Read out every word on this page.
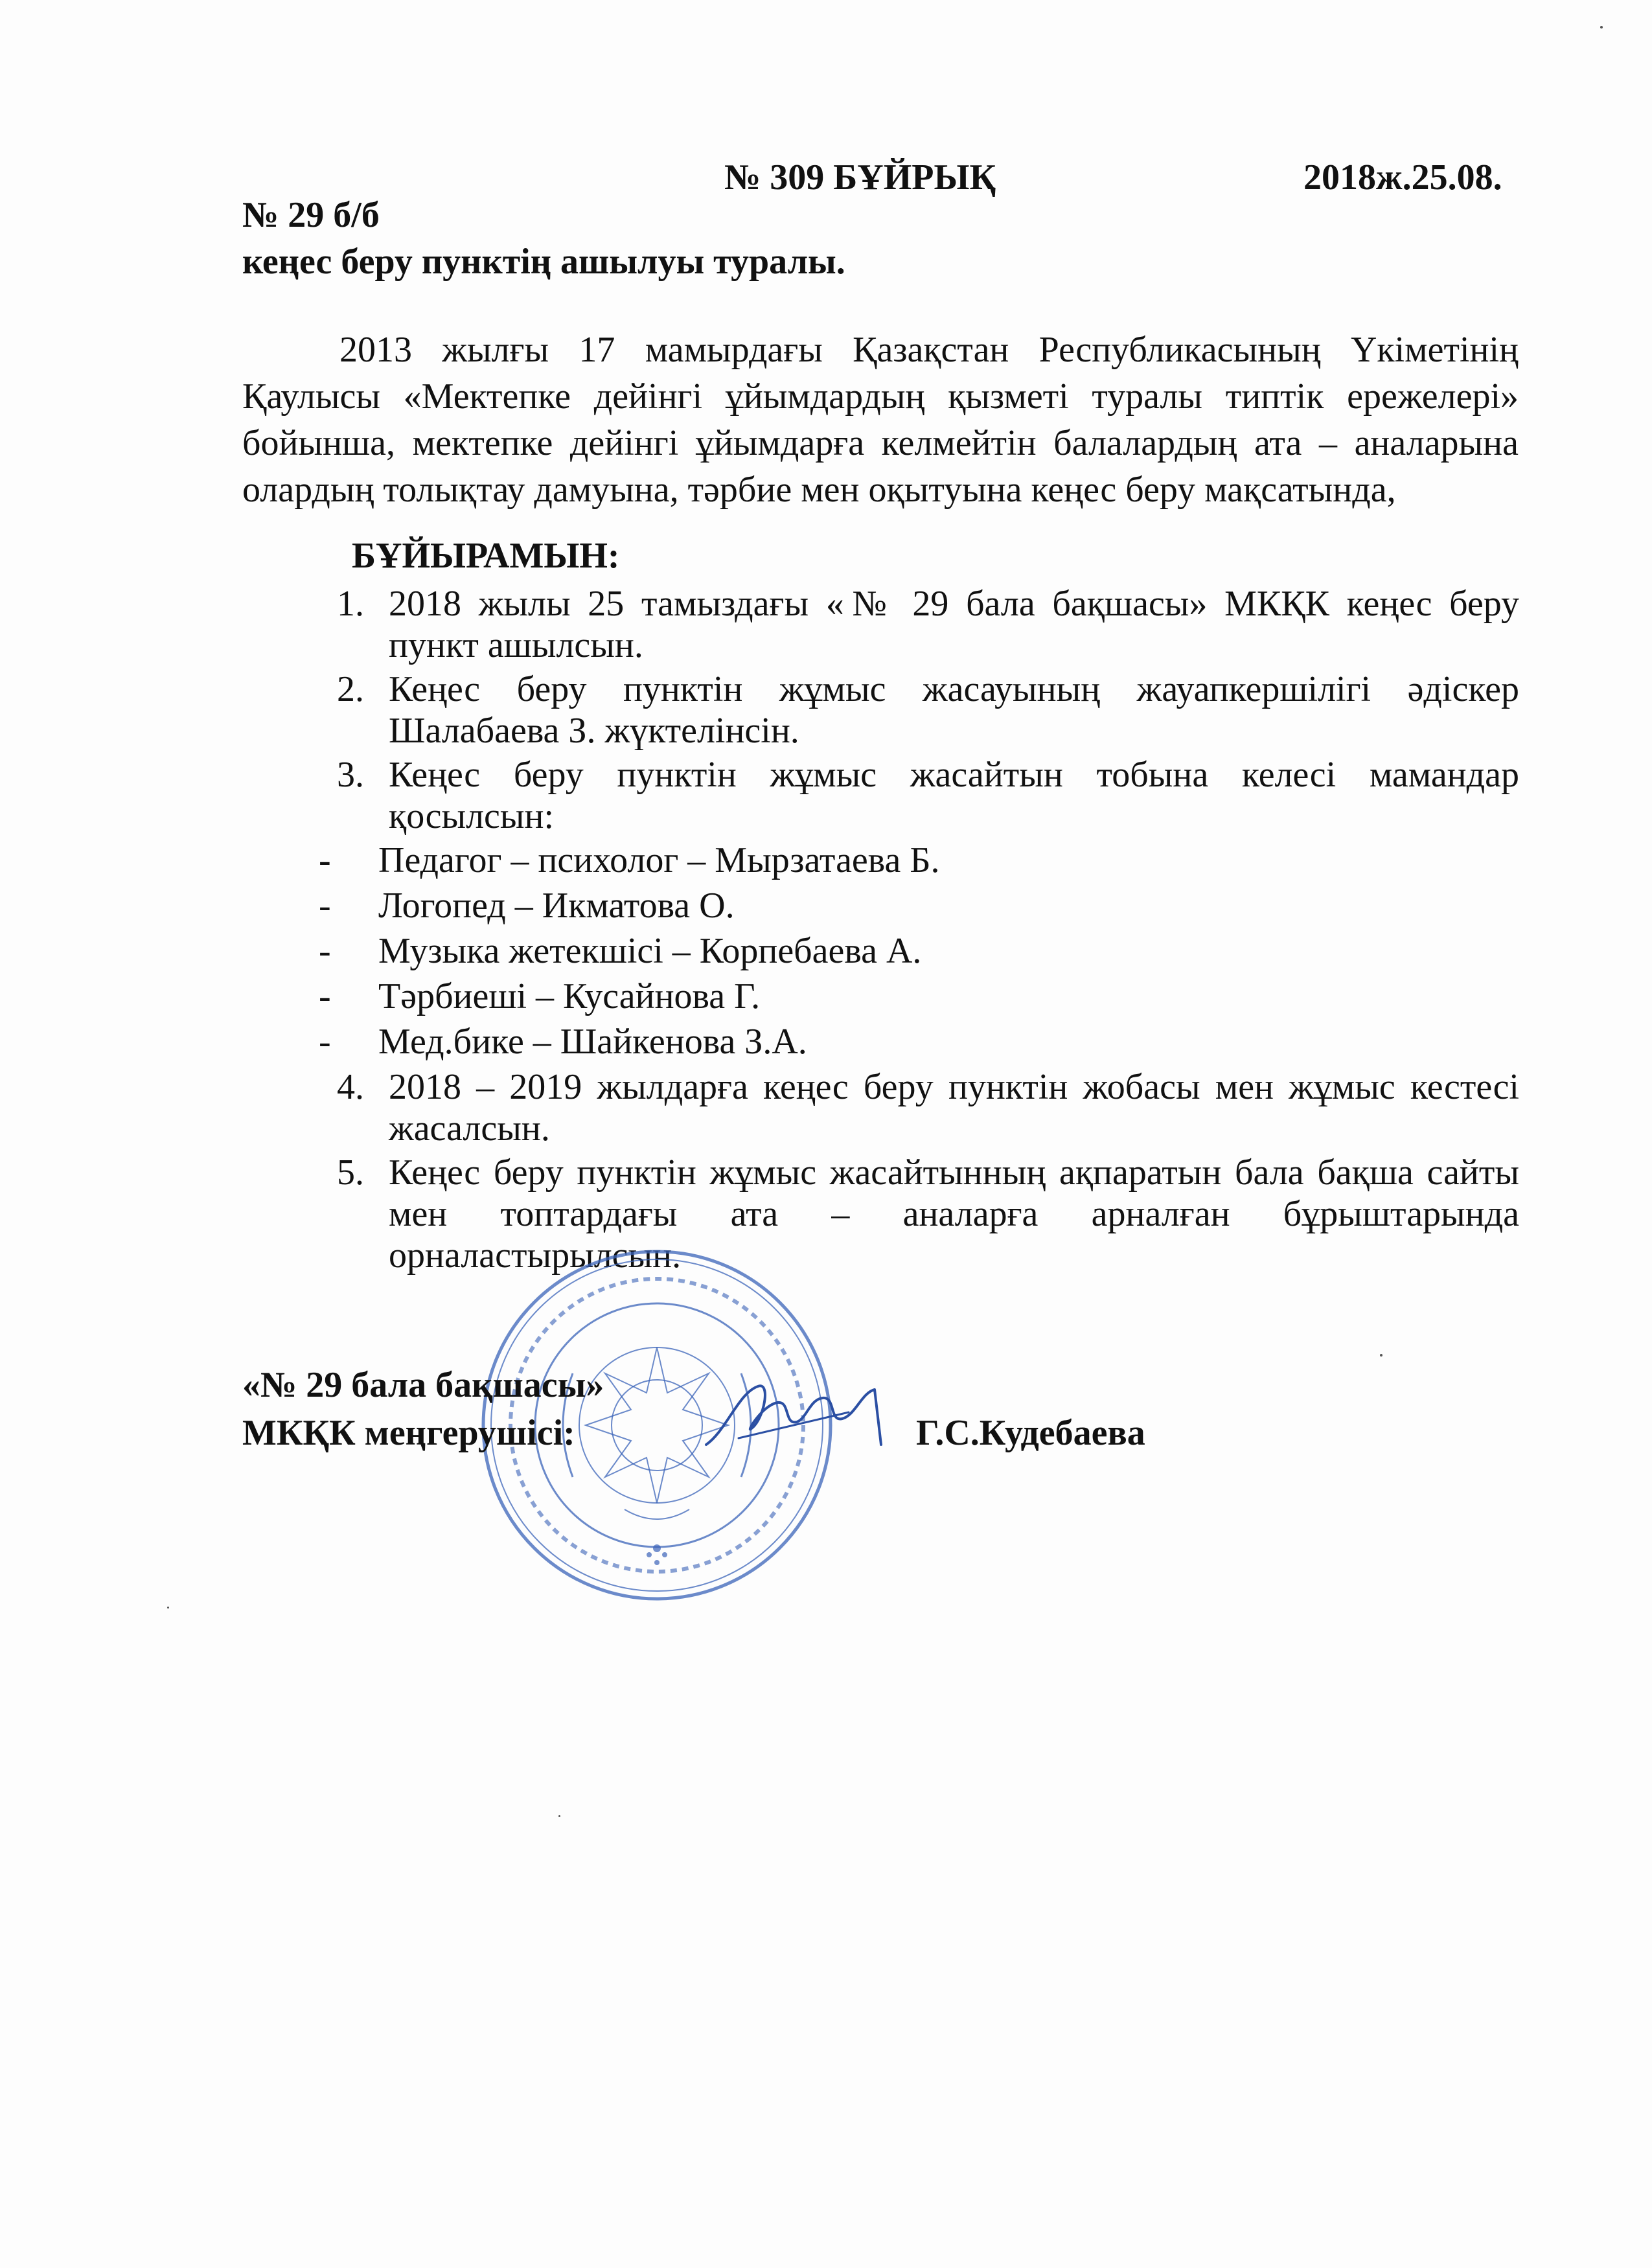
№ 309 БҰЙРЫҚ	2018ж.25.08.
№ 29 б/б
кеңес беру пунктің ашылуы туралы.

2013 жылғы 17 мамырдағы Қазақстан Республикасының Үкіметінің Қаулысы «Мектепке дейінгі ұйымдардың қызметі туралы типтік ережелері» бойынша, мектепке дейінгі ұйымдарға келмейтін балалардың ата – аналарына олардың толықтау дамуына, тәрбие мен оқытуына кеңес беру мақсатында,

БҰЙЫРАМЫН:
1. 2018 жылы 25 тамыздағы «№ 29 бала бақшасы» МКҚК кеңес беру пункт ашылсын.
2. Кеңес беру пунктін жұмыс жасауының жауапкершілігі әдіскер Шалабаева З. жүктелінсін.
3. Кеңес беру пунктін жұмыс жасайтын тобына келесі мамандар қосылсын:
- Педагог – психолог – Мырзатаева Б.
- Логопед – Икматова О.
- Музыка жетекшісі – Корпебаева А.
- Тәрбиеші – Кусайнова Г.
- Мед.бике – Шайкенова З.А.
4. 2018 – 2019 жылдарға кеңес беру пунктін жобасы мен жұмыс кестесі жасалсын.
5. Кеңес беру пунктін жұмыс жасайтынның ақпаратын бала бақша сайты мен топтардағы ата – аналарға арналған бұрыштарында орналастырылсын.
«№ 29 бала бақшасы»
МКҚК меңгерушісі:	Г.С.Кудебаева
